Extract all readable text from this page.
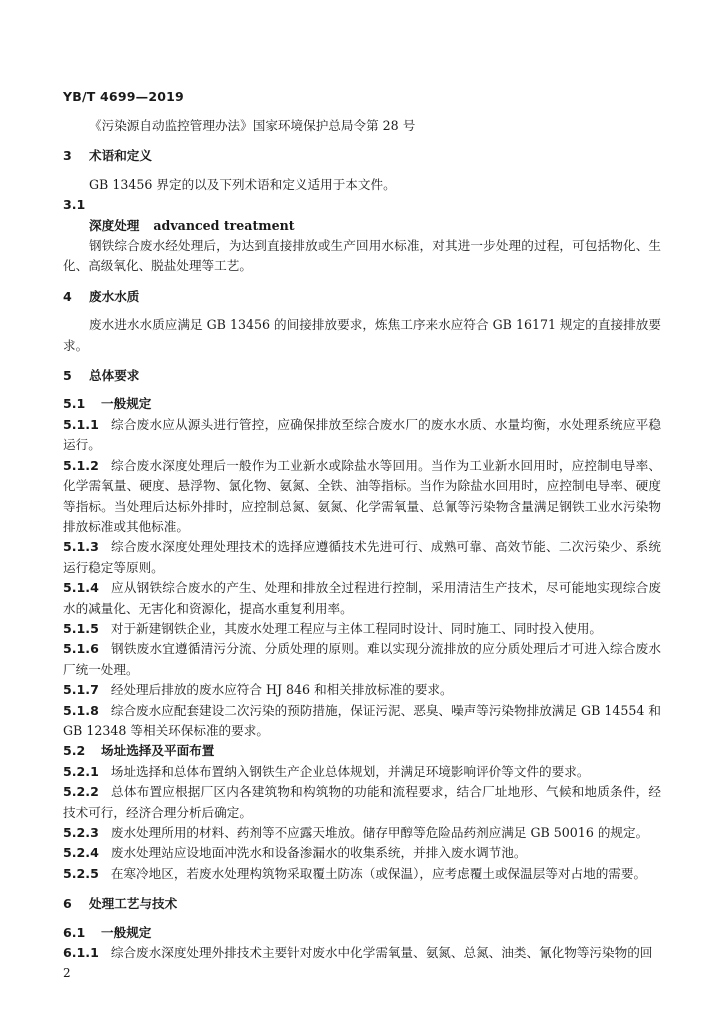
YB/T 4699—2019

《污染源自动监控管理办法》国家环境保护总局令第 28 号

3 术语和定义

GB 13456 界定的以及下列术语和定义适用于本文件。

3.1

深度处理 advanced treatment

钢铁综合废水经处理后，为达到直接排放或生产回用水标准，对其进一步处理的过程，可包括物化、生化、高级氧化、脱盐处理等工艺。

4 废水水质

废水进水水质应满足 GB 13456 的间接排放要求，炼焦工序来水应符合 GB 16171 规定的直接排放要求。

5 总体要求

5.1 一般规定

5.1.1 综合废水应从源头进行管控，应确保排放至综合废水厂的废水水质、水量均衡，水处理系统应平稳运行。

5.1.2 综合废水深度处理后一般作为工业新水或除盐水等回用。当作为工业新水回用时，应控制电导率、化学需氧量、硬度、悬浮物、氯化物、氨氮、全铁、油等指标。当作为除盐水回用时，应控制电导率、硬度等指标。当处理后达标外排时，应控制总氮、氨氮、化学需氧量、总氰等污染物含量满足钢铁工业水污染物排放标准或其他标准。

5.1.3 综合废水深度处理处理技术的选择应遵循技术先进可行、成熟可靠、高效节能、二次污染少、系统运行稳定等原则。

5.1.4 应从钢铁综合废水的产生、处理和排放全过程进行控制，采用清洁生产技术，尽可能地实现综合废水的减量化、无害化和资源化，提高水重复利用率。

5.1.5 对于新建钢铁企业，其废水处理工程应与主体工程同时设计、同时施工、同时投入使用。

5.1.6 钢铁废水宜遵循清污分流、分质处理的原则。难以实现分流排放的应分质处理后才可进入综合废水厂统一处理。

5.1.7 经处理后排放的废水应符合 HJ 846 和相关排放标准的要求。

5.1.8 综合废水应配套建设二次污染的预防措施，保证污泥、恶臭、噪声等污染物排放满足 GB 14554 和 GB 12348 等相关环保标准的要求。

5.2 场址选择及平面布置

5.2.1 场址选择和总体布置纳入钢铁生产企业总体规划，并满足环境影响评价等文件的要求。

5.2.2 总体布置应根据厂区内各建筑物和构筑物的功能和流程要求，结合厂址地形、气候和地质条件，经技术可行，经济合理分析后确定。

5.2.3 废水处理所用的材料、药剂等不应露天堆放。储存甲醇等危险品药剂应满足 GB 50016 的规定。

5.2.4 废水处理站应设地面冲洗水和设备渗漏水的收集系统，并排入废水调节池。

5.2.5 在寒冷地区，若废水处理构筑物采取覆土防冻（或保温），应考虑覆土或保温层等对占地的需要。

6 处理工艺与技术

6.1 一般规定

6.1.1 综合废水深度处理外排技术主要针对废水中化学需氧量、氨氮、总氮、油类、氰化物等污染物的回

2
